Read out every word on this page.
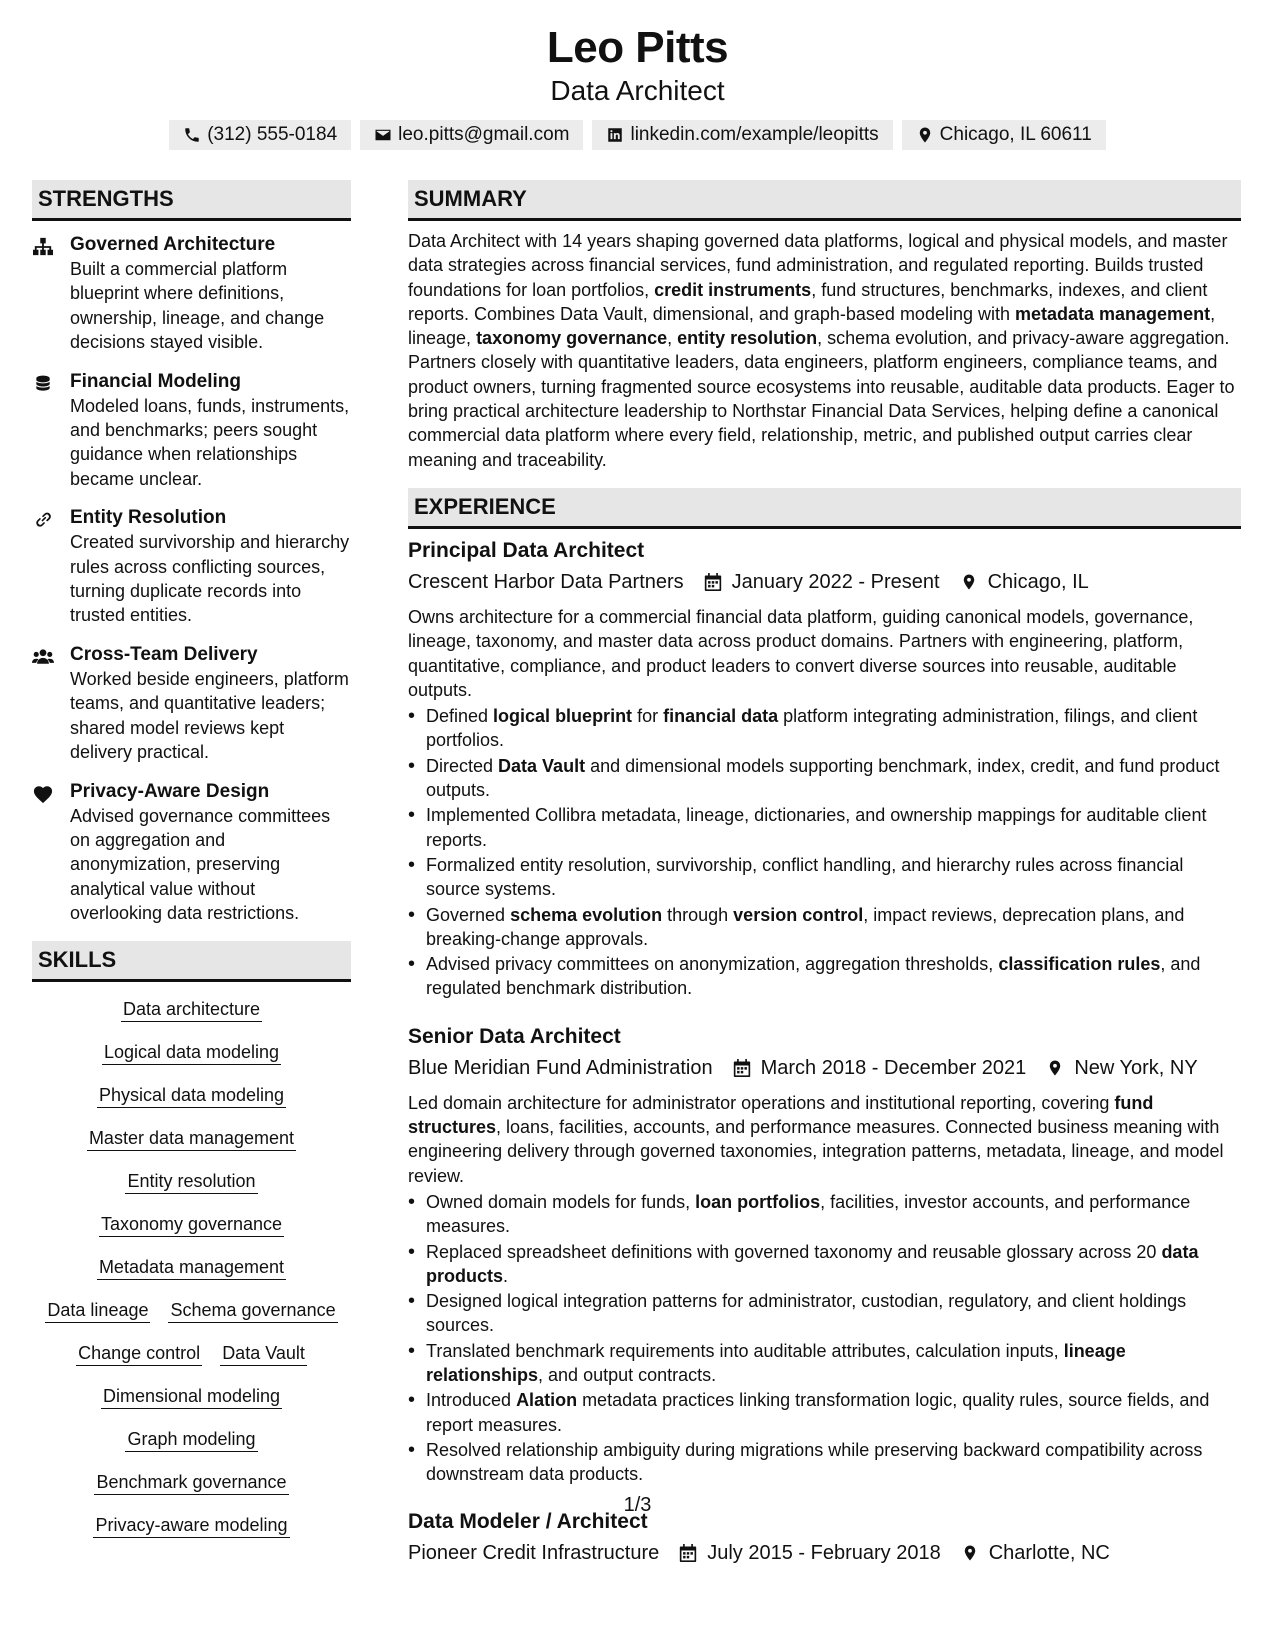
Leo Pitts
Data Architect
(312) 555-0184	leo.pitts@gmail.com	linkedin.com/example/leopitts	Chicago, IL 60611
STRENGTHS
Governed Architecture
Built a commercial platform blueprint where definitions, ownership, lineage, and change decisions stayed visible.
Financial Modeling
Modeled loans, funds, instruments, and benchmarks; peers sought guidance when relationships became unclear.
Entity Resolution
Created survivorship and hierarchy rules across conflicting sources, turning duplicate records into trusted entities.
Cross-Team Delivery
Worked beside engineers, platform teams, and quantitative leaders; shared model reviews kept delivery practical.
Privacy-Aware Design
Advised governance committees on aggregation and anonymization, preserving analytical value without overlooking data restrictions.
SKILLS
Data architecture
Logical data modeling
Physical data modeling
Master data management
Entity resolution
Taxonomy governance
Metadata management
Data lineage Schema governance
Change control Data Vault
Dimensional modeling
Graph modeling
Benchmark governance
Privacy-aware modeling
SUMMARY

Data Architect with 14 years shaping governed data platforms, logical and physical models, and master data strategies across financial services, fund administration, and regulated reporting. Builds trusted foundations for loan portfolios, credit instruments, fund structures, benchmarks, indexes, and client reports. Combines Data Vault, dimensional, and graph-based modeling with metadata management, lineage, taxonomy governance, entity resolution, schema evolution, and privacy-aware aggregation. Partners closely with quantitative leaders, data engineers, platform engineers, compliance teams, and product owners, turning fragmented source ecosystems into reusable, auditable data products. Eager to bring practical architecture leadership to Northstar Financial Data Services, helping define a canonical commercial data platform where every field, relationship, metric, and published output carries clear meaning and traceability.

EXPERIENCE
Principal Data Architect
Crescent Harbor Data Partners January 2022 - Present Chicago, IL

Owns architecture for a commercial financial data platform, guiding canonical models, governance, lineage, taxonomy, and master data across product domains. Partners with engineering, platform, quantitative, compliance, and product leaders to convert diverse sources into reusable, auditable outputs.

• Defined logical blueprint for financial data platform integrating administration, filings, and client portfolios.
• Directed Data Vault and dimensional models supporting benchmark, index, credit, and fund product outputs.
• Implemented Collibra metadata, lineage, dictionaries, and ownership mappings for auditable client reports.
• Formalized entity resolution, survivorship, conflict handling, and hierarchy rules across financial source systems.
• Governed schema evolution through version control, impact reviews, deprecation plans, and breaking-change approvals.
• Advised privacy committees on anonymization, aggregation thresholds, classification rules, and regulated benchmark distribution.
Senior Data Architect
Blue Meridian Fund Administration March 2018 - December 2021 New York, NY

Led domain architecture for administrator operations and institutional reporting, covering fund structures, loans, facilities, accounts, and performance measures. Connected business meaning with engineering delivery through governed taxonomies, integration patterns, metadata, lineage, and model review.

• Owned domain models for funds, loan portfolios, facilities, investor accounts, and performance measures.
• Replaced spreadsheet definitions with governed taxonomy and reusable glossary across 20 data products.
• Designed logical integration patterns for administrator, custodian, regulatory, and client holdings sources.
• Translated benchmark requirements into auditable attributes, calculation inputs, lineage relationships, and output contracts.
• Introduced Alation metadata practices linking transformation logic, quality rules, source fields, and report measures.
• Resolved relationship ambiguity during migrations while preserving backward compatibility across downstream data products.
Data Modeler / Architect
Pioneer Credit Infrastructure July 2015 - February 2018 Charlotte, NC
1/3
